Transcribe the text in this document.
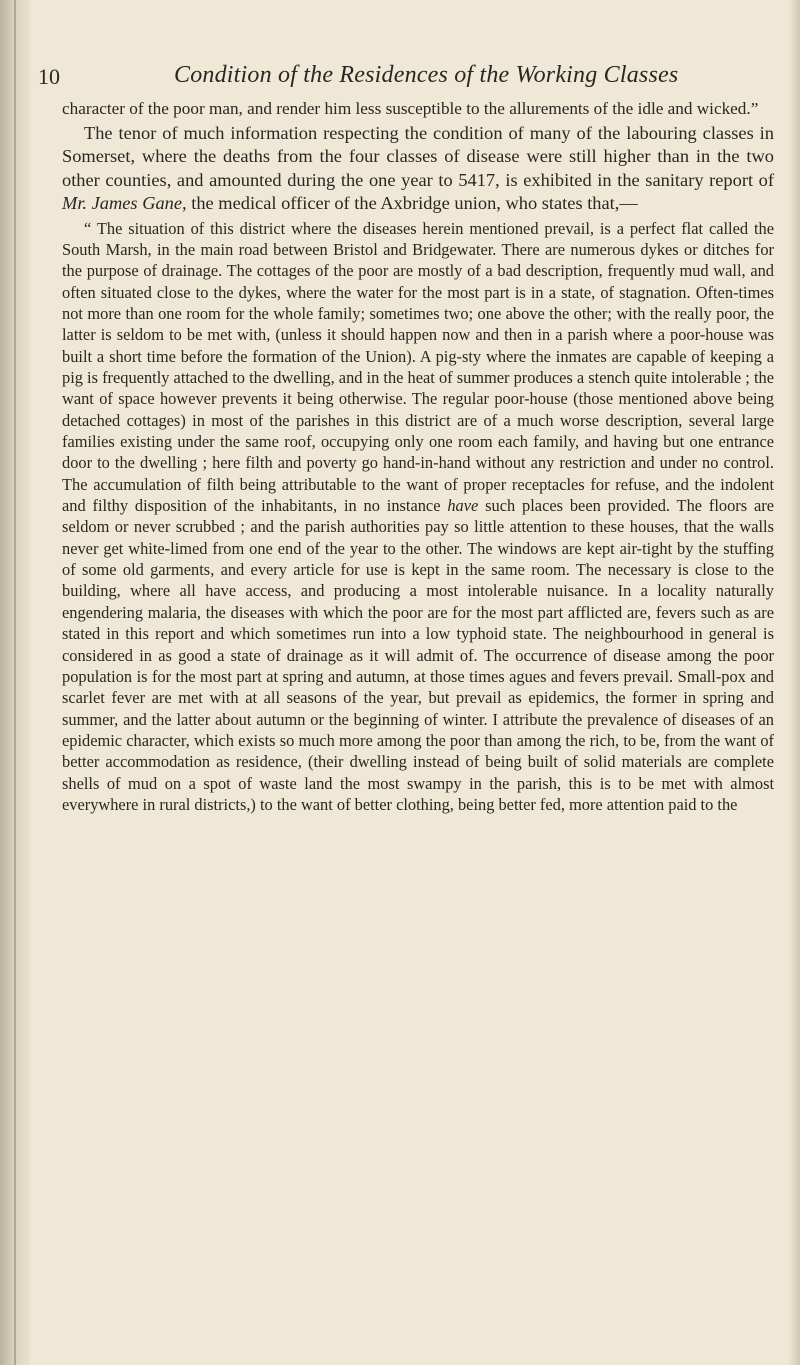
10	Condition of the Residences of the Working Classes

character of the poor man, and render him less susceptible to the allurements of the idle and wicked.”

The tenor of much information respecting the condition of many of the labouring classes in Somerset, where the deaths from the four classes of disease were still higher than in the two other counties, and amounted during the one year to 5417, is exhibited in the sanitary report of Mr. James Gane, the medical officer of the Axbridge union, who states that,—

“ The situation of this district where the diseases herein mentioned prevail, is a perfect flat called the South Marsh, in the main road between Bristol and Bridgewater. There are numerous dykes or ditches for the purpose of drainage. The cottages of the poor are mostly of a bad description, frequently mud wall, and often situated close to the dykes, where the water for the most part is in a state, of stagnation. Often-times not more than one room for the whole family; sometimes two; one above the other; with the really poor, the latter is seldom to be met with, (unless it should happen now and then in a parish where a poor-house was built a short time before the formation of the Union). A pig-sty where the inmates are capable of keeping a pig is frequently attached to the dwelling, and in the heat of summer produces a stench quite intolerable ; the want of space however prevents it being otherwise. The regular poor-house (those mentioned above being detached cottages) in most of the parishes in this district are of a much worse description, several large families existing under the same roof, occupying only one room each family, and having but one entrance door to the dwelling ; here filth and poverty go hand-in-hand without any restriction and under no control. The accumulation of filth being attributable to the want of proper receptacles for refuse, and the indolent and filthy disposition of the inhabitants, in no instance have such places been provided. The floors are seldom or never scrubbed ; and the parish authorities pay so little attention to these houses, that the walls never get white-limed from one end of the year to the other. The windows are kept air-tight by the stuffing of some old garments, and every article for use is kept in the same room. The necessary is close to the building, where all have access, and producing a most intolerable nuisance. In a locality naturally engendering malaria, the diseases with which the poor are for the most part afflicted are, fevers such as are stated in this report and which sometimes run into a low typhoid state. The neighbourhood in general is considered in as good a state of drainage as it will admit of. The occurrence of disease among the poor population is for the most part at spring and autumn, at those times agues and fevers prevail. Small-pox and scarlet fever are met with at all seasons of the year, but prevail as epidemics, the former in spring and summer, and the latter about autumn or the beginning of winter. I attribute the prevalence of diseases of an epidemic character, which exists so much more among the poor than among the rich, to be, from the want of better accommodation as residence, (their dwelling instead of being built of solid materials are complete shells of mud on a spot of waste land the most swampy in the parish, this is to be met with almost everywhere in rural districts,) to the want of better clothing, being better fed, more attention paid to the
